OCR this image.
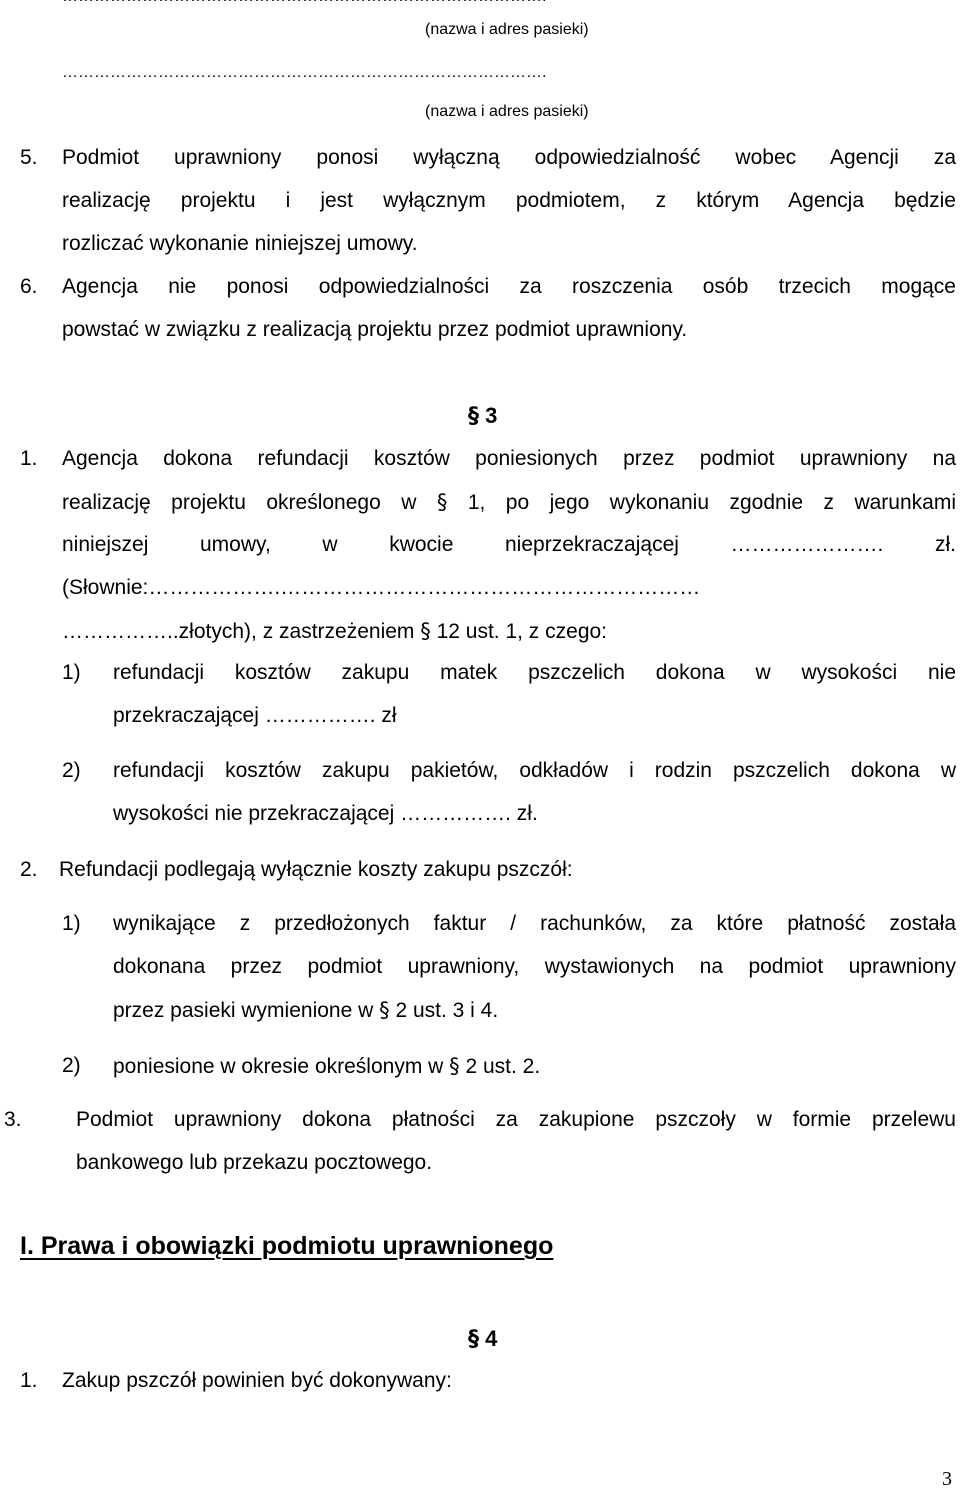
(nazwa i adres pasieki)
……………………………………………………………………………….
(nazwa i adres pasieki)
5. Podmiot uprawniony ponosi wyłączną odpowiedzialność wobec Agencji za
realizację projektu i jest wyłącznym podmiotem, z którym Agencja będzie
rozliczać wykonanie niniejszej umowy.
6. Agencja nie ponosi odpowiedzialności za roszczenia osób trzecich mogące
powstać w związku z realizacją projektu przez podmiot uprawniony.
§ 3
1. Agencja dokona refundacji kosztów poniesionych przez podmiot uprawniony na
realizację projektu określonego w § 1, po jego wykonaniu zgodnie z warunkami
niniejszej umowy, w kwocie nieprzekraczającej …………………. zł.
(Słownie:……………….……………………………………………………
……………..złotych), z zastrzeżeniem § 12 ust. 1, z czego:
1) refundacji kosztów zakupu matek pszczelich dokona w wysokości nie
przekraczającej ……………. zł
2) refundacji kosztów zakupu pakietów, odkładów i rodzin pszczelich dokona w
wysokości nie przekraczającej ……………. zł.
2. Refundacji podlegają wyłącznie koszty zakupu pszczół:
1) wynikające z przedłożonych faktur / rachunków, za które płatność została
dokonana przez podmiot uprawniony, wystawionych na podmiot uprawniony
przez pasieki wymienione w § 2 ust. 3 i 4.
2) poniesione w okresie określonym w § 2 ust. 2.
3.	Podmiot uprawniony dokona płatności za zakupione pszczoły w formie przelewu
bankowego lub przekazu pocztowego.
I. Prawa i obowiązki podmiotu uprawnionego
§ 4
1. Zakup pszczół powinien być dokonywany:
3
